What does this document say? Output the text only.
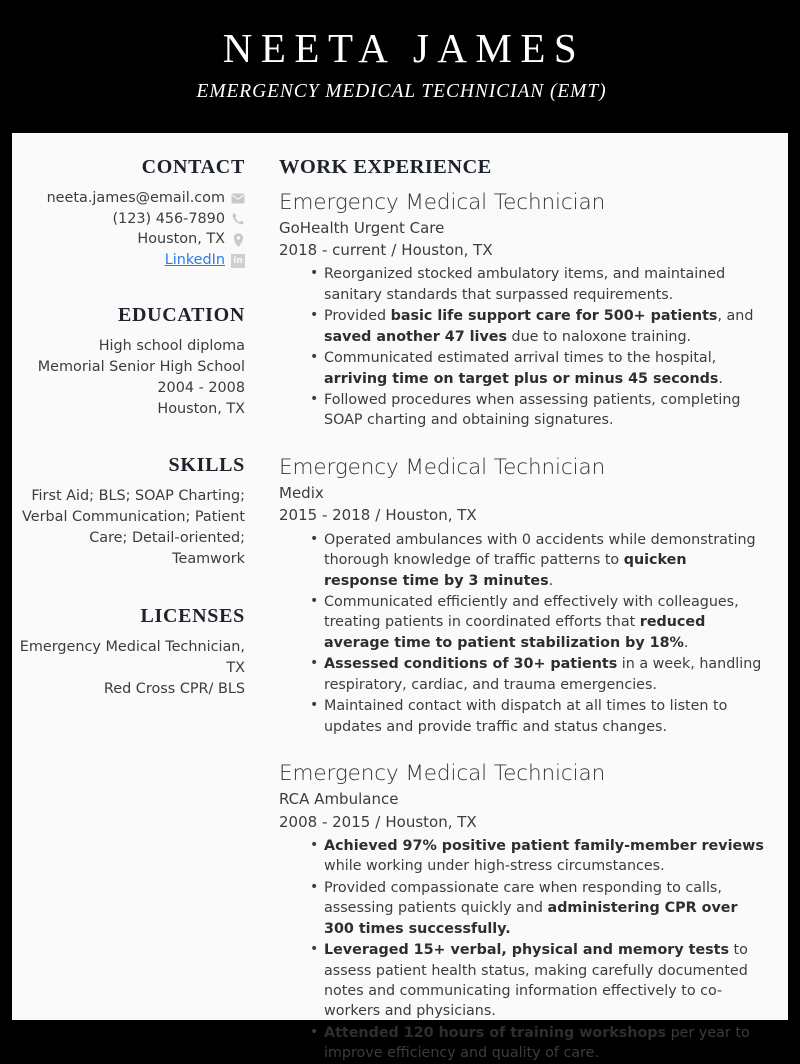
NEETA JAMES
EMERGENCY MEDICAL TECHNICIAN (EMT)
CONTACT
neeta.james@email.com
(123) 456-7890
Houston, TX
LinkedIn in
EDUCATION
High school diploma
Memorial Senior High School
2004 - 2008
Houston, TX
SKILLS
First Aid; BLS; SOAP Charting; Verbal Communication; Patient Care; Detail-oriented; Teamwork
LICENSES
Emergency Medical Technician, TX
Red Cross CPR/ BLS
WORK EXPERIENCE
Emergency Medical Technician
GoHealth Urgent Care
2018 - current / Houston, TX
• Reorganized stocked ambulatory items, and maintained sanitary standards that surpassed requirements.
• Provided basic life support care for 500+ patients, and saved another 47 lives due to naloxone training.
• Communicated estimated arrival times to the hospital, arriving time on target plus or minus 45 seconds.
• Followed procedures when assessing patients, completing SOAP charting and obtaining signatures.
Emergency Medical Technician
Medix
2015 - 2018 / Houston, TX
• Operated ambulances with 0 accidents while demonstrating thorough knowledge of traffic patterns to quicken response time by 3 minutes.
• Communicated efficiently and effectively with colleagues, treating patients in coordinated efforts that reduced average time to patient stabilization by 18%.
• Assessed conditions of 30+ patients in a week, handling respiratory, cardiac, and trauma emergencies.
• Maintained contact with dispatch at all times to listen to updates and provide traffic and status changes.
Emergency Medical Technician
RCA Ambulance
2008 - 2015 / Houston, TX
• Achieved 97% positive patient family-member reviews while working under high-stress circumstances.
• Provided compassionate care when responding to calls, assessing patients quickly and administering CPR over 300 times successfully.
• Leveraged 15+ verbal, physical and memory tests to assess patient health status, making carefully documented notes and communicating information effectively to co-workers and physicians.
• Attended 120 hours of training workshops per year to improve efficiency and quality of care.
